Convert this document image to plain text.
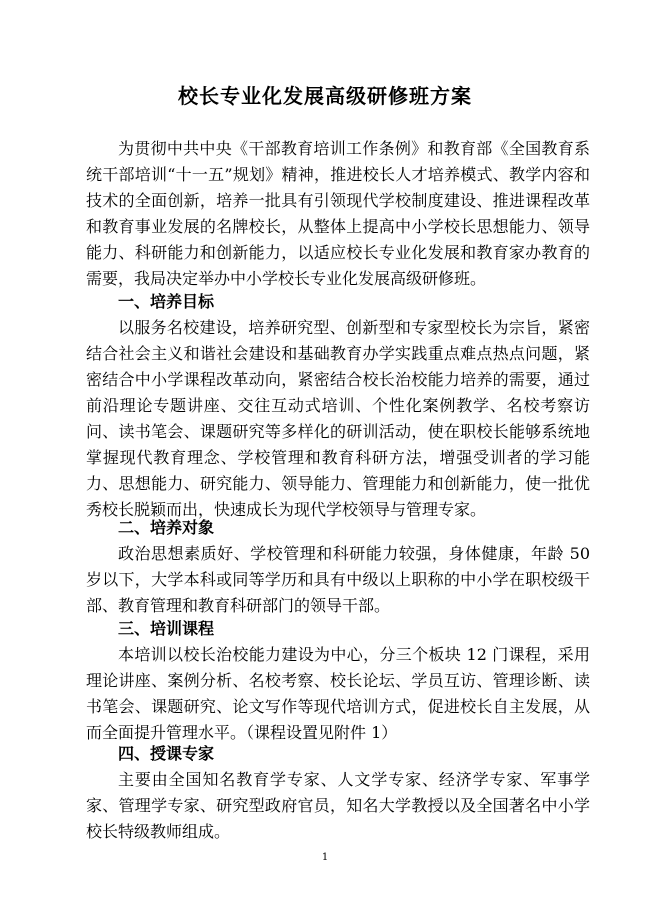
校长专业化发展高级研修班方案

为贯彻中共中央《干部教育培训工作条例》和教育部《全国教育系统干部培训“十一五”规划》精神，推进校长人才培养模式、教学内容和技术的全面创新，培养一批具有引领现代学校制度建设、推进课程改革和教育事业发展的名牌校长，从整体上提高中小学校长思想能力、领导能力、科研能力和创新能力，以适应校长专业化发展和教育家办教育的需要，我局决定举办中小学校长专业化发展高级研修班。

一、培养目标

以服务名校建设，培养研究型、创新型和专家型校长为宗旨，紧密结合社会主义和谐社会建设和基础教育办学实践重点难点热点问题，紧密结合中小学课程改革动向，紧密结合校长治校能力培养的需要，通过前沿理论专题讲座、交往互动式培训、个性化案例教学、名校考察访问、读书笔会、课题研究等多样化的研训活动，使在职校长能够系统地掌握现代教育理念、学校管理和教育科研方法，增强受训者的学习能力、思想能力、研究能力、领导能力、管理能力和创新能力，使一批优秀校长脱颖而出，快速成长为现代学校领导与管理专家。

二、培养对象

政治思想素质好、学校管理和科研能力较强，身体健康，年龄 50 岁以下，大学本科或同等学历和具有中级以上职称的中小学在职校级干部、教育管理和教育科研部门的领导干部。

三、培训课程

本培训以校长治校能力建设为中心，分三个板块 12 门课程，采用理论讲座、案例分析、名校考察、校长论坛、学员互访、管理诊断、读书笔会、课题研究、论文写作等现代培训方式，促进校长自主发展，从而全面提升管理水平。（课程设置见附件 1）

四、授课专家

主要由全国知名教育学专家、人文学专家、经济学专家、军事学家、管理学专家、研究型政府官员，知名大学教授以及全国著名中小学校长特级教师组成。

1
